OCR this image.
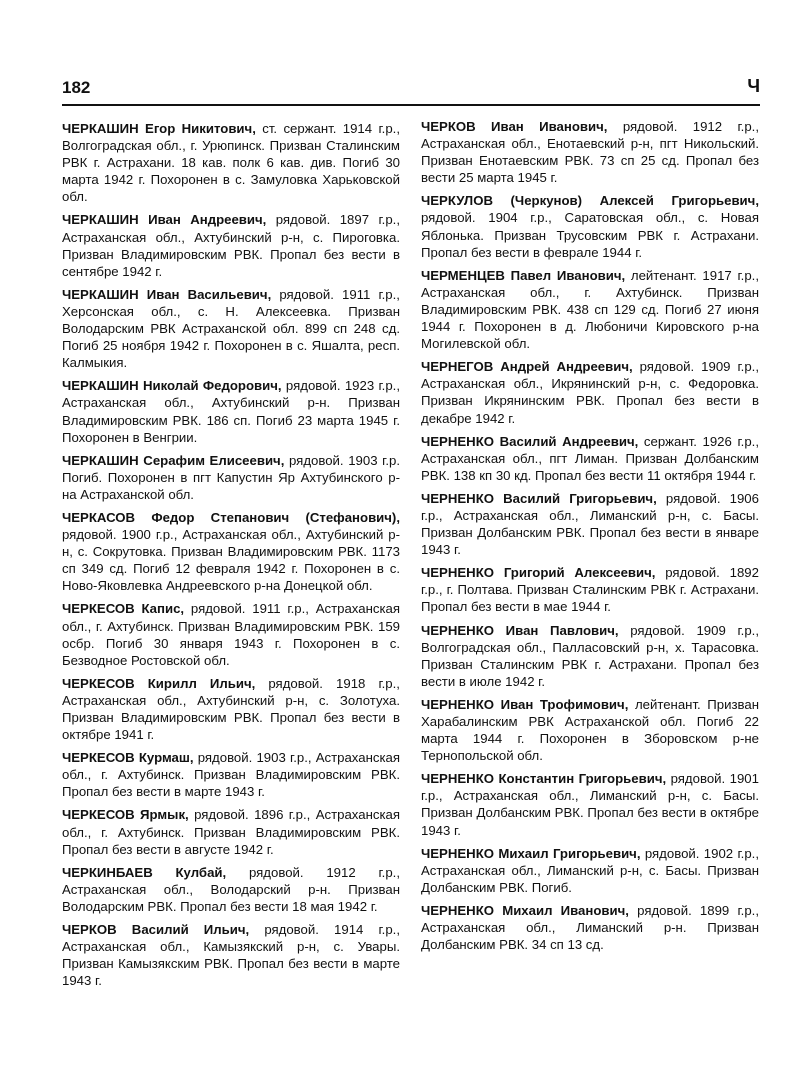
182	Ч

ЧЕРКАШИН Егор Никитович, ст. сержант. 1914 г.р., Волгоградская обл., г. Урюпинск. Призван Сталинским РВК г. Астрахани. 18 кав. полк 6 кав. див. Погиб 30 марта 1942 г. Похоронен в с. Замуловка Харьковской обл.

ЧЕРКАШИН Иван Андреевич, рядовой. 1897 г.р., Астраханская обл., Ахтубинский р-н, с. Пироговка. Призван Владимировским РВК. Пропал без вести в сентябре 1942 г.

ЧЕРКАШИН Иван Васильевич, рядовой. 1911 г.р., Херсонская обл., с. Н. Алексеевка. Призван Володарским РВК Астраханской обл. 899 сп 248 сд. Погиб 25 ноября 1942 г. Похоронен в с. Яшалта, респ. Калмыкия.

ЧЕРКАШИН Николай Федорович, рядовой. 1923 г.р., Астраханская обл., Ахтубинский р-н. Призван Владимировским РВК. 186 сп. Погиб 23 марта 1945 г. Похоронен в Венгрии.

ЧЕРКАШИН Серафим Елисеевич, рядовой. 1903 г.р. Погиб. Похоронен в пгт Капустин Яр Ахтубинского р-на Астраханской обл.

ЧЕРКАСОВ Федор Степанович (Стефанович), рядовой. 1900 г.р., Астраханская обл., Ахтубинский р-н, с. Сокрутовка. Призван Владимировским РВК. 1173 сп 349 сд. Погиб 12 февраля 1942 г. Похоронен в с. Ново-Яковлевка Андреевского р-на Донецкой обл.

ЧЕРКЕСОВ Капис, рядовой. 1911 г.р., Астраханская обл., г. Ахтубинск. Призван Владимировским РВК. 159 осбр. Погиб 30 января 1943 г. Похоронен в с. Безводное Ростовской обл.

ЧЕРКЕСОВ Кирилл Ильич, рядовой. 1918 г.р., Астраханская обл., Ахтубинский р-н, с. Золотуха. Призван Владимировским РВК. Пропал без вести в октябре 1941 г.

ЧЕРКЕСОВ Курмаш, рядовой. 1903 г.р., Астраханская обл., г. Ахтубинск. Призван Владимировским РВК. Пропал без вести в марте 1943 г.

ЧЕРКЕСОВ Ярмык, рядовой. 1896 г.р., Астраханская обл., г. Ахтубинск. Призван Владимировским РВК. Пропал без вести в августе 1942 г.

ЧЕРКИНБАЕВ Кулбай, рядовой. 1912 г.р., Астраханская обл., Володарский р-н. Призван Володарским РВК. Пропал без вести 18 мая 1942 г.

ЧЕРКОВ Василий Ильич, рядовой. 1914 г.р., Астраханская обл., Камызякский р-н, с. Увары. Призван Камызякским РВК. Пропал без вести в марте 1943 г.

ЧЕРКОВ Иван Иванович, рядовой. 1912 г.р., Астраханская обл., Енотаевский р-н, пгт Никольский. Призван Енотаевским РВК. 73 сп 25 сд. Пропал без вести 25 марта 1945 г.

ЧЕРКУЛОВ (Черкунов) Алексей Григорьевич, рядовой. 1904 г.р., Саратовская обл., с. Новая Яблонька. Призван Трусовским РВК г. Астрахани. Пропал без вести в феврале 1944 г.

ЧЕРМЕНЦЕВ Павел Иванович, лейтенант. 1917 г.р., Астраханская обл., г. Ахтубинск. Призван Владимировским РВК. 438 сп 129 сд. Погиб 27 июня 1944 г. Похоронен в д. Любоничи Кировского р-на Могилевской обл.

ЧЕРНЕГОВ Андрей Андреевич, рядовой. 1909 г.р., Астраханская обл., Икрянинский р-н, с. Федоровка. Призван Икрянинским РВК. Пропал без вести в декабре 1942 г.

ЧЕРНЕНКО Василий Андреевич, сержант. 1926 г.р., Астраханская обл., пгт Лиман. Призван Долбанским РВК. 138 кп 30 кд. Пропал без вести 11 октября 1944 г.

ЧЕРНЕНКО Василий Григорьевич, рядовой. 1906 г.р., Астраханская обл., Лиманский р-н, с. Басы. Призван Долбанским РВК. Пропал без вести в январе 1943 г.

ЧЕРНЕНКО Григорий Алексеевич, рядовой. 1892 г.р., г. Полтава. Призван Сталинским РВК г. Астрахани. Пропал без вести в мае 1944 г.

ЧЕРНЕНКО Иван Павлович, рядовой. 1909 г.р., Волгоградская обл., Палласовский р-н, х. Тарасовка. Призван Сталинским РВК г. Астрахани. Пропал без вести в июле 1942 г.

ЧЕРНЕНКО Иван Трофимович, лейтенант. Призван Харабалинским РВК Астраханской обл. Погиб 22 марта 1944 г. Похоронен в Зборовском р-не Тернопольской обл.

ЧЕРНЕНКО Константин Григорьевич, рядовой. 1901 г.р., Астраханская обл., Лиманский р-н, с. Басы. Призван Долбанским РВК. Пропал без вести в октябре 1943 г.

ЧЕРНЕНКО Михаил Григорьевич, рядовой. 1902 г.р., Астраханская обл., Лиманский р-н, с. Басы. Призван Долбанским РВК. Погиб.

ЧЕРНЕНКО Михаил Иванович, рядовой. 1899 г.р., Астраханская обл., Лиманский р-н. Призван Долбанским РВК. 34 сп 13 сд.
